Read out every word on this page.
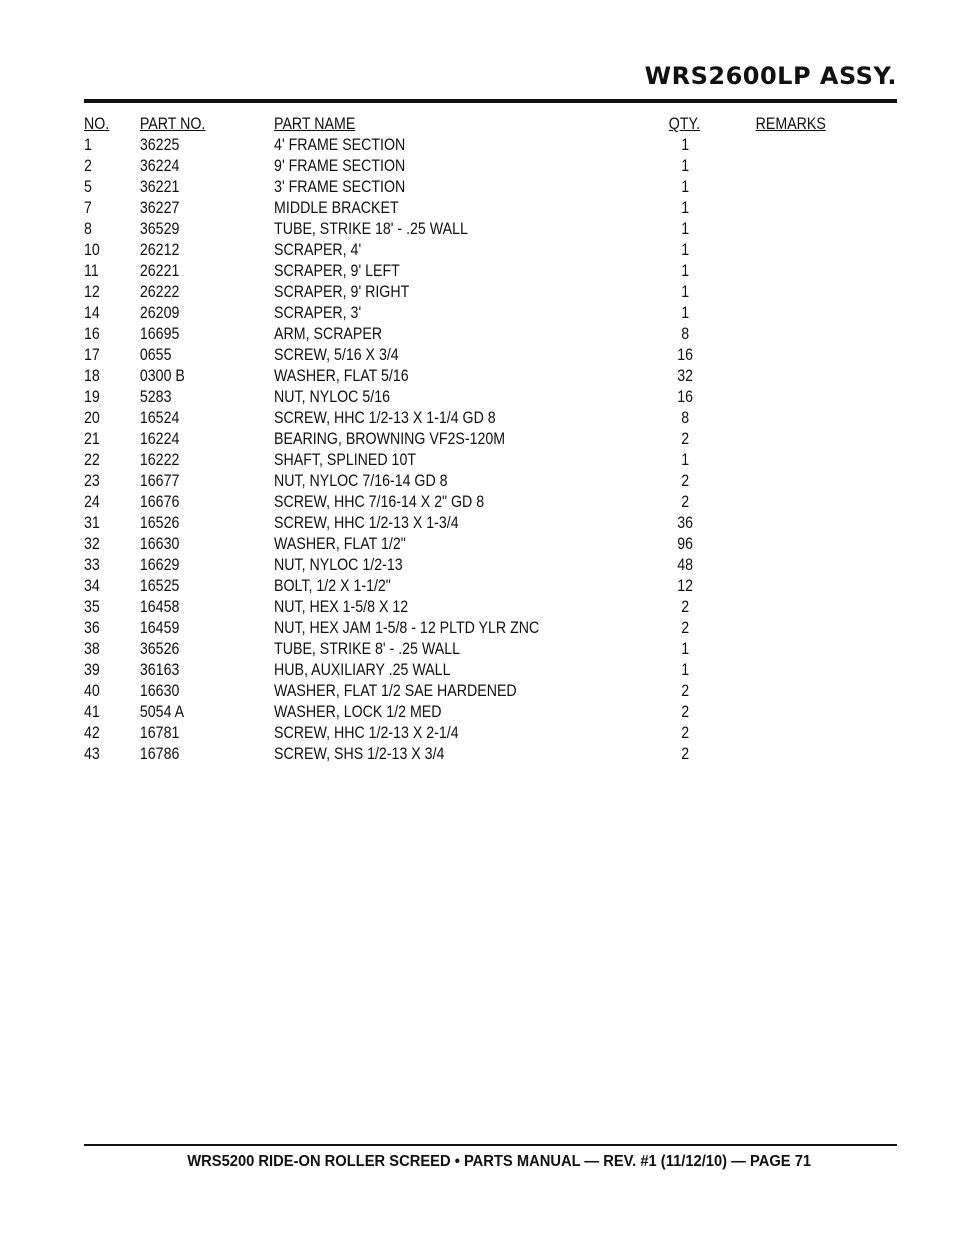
WRS2600LP ASSY.
NO. PART NO.	PART NAME	QTY.	REMARKS
1	36225	4' FRAME SECTION	1
2	36224	9' FRAME SECTION	1
5	36221	3' FRAME SECTION	1
7	36227	MIDDLE BRACKET	1
8	36529	TUBE, STRIKE 18' - .25 WALL	1
10 26212	SCRAPER, 4'	1
11 26221	SCRAPER, 9' LEFT	1
12 26222	SCRAPER, 9' RIGHT	1
14 26209	SCRAPER, 3'	1
16 16695	ARM, SCRAPER	8
17 0655	SCREW, 5/16 X 3/4	16
18 0300 B	WASHER, FLAT 5/16	32
19 5283	NUT, NYLOC 5/16	16
20 16524	SCREW, HHC 1/2-13 X 1-1/4 GD 8	8
21 16224	BEARING, BROWNING VF2S-120M	2
22 16222	SHAFT, SPLINED 10T	1
23 16677	NUT, NYLOC 7/16-14 GD 8	2
24 16676	SCREW, HHC 7/16-14 X 2" GD 8	2
31 16526	SCREW, HHC 1/2-13 X 1-3/4	36
32 16630	WASHER, FLAT 1/2"	96
33 16629	NUT, NYLOC 1/2-13	48
34 16525	BOLT, 1/2 X 1-1/2"	12
35 16458	NUT, HEX 1-5/8 X 12	2
36 16459	NUT, HEX JAM 1-5/8 - 12 PLTD YLR ZNC	2
38 36526	TUBE, STRIKE 8' - .25 WALL	1
39 36163	HUB, AUXILIARY .25 WALL	1
40 16630	WASHER, FLAT 1/2 SAE HARDENED	2
41 5054 A	WASHER, LOCK 1/2 MED	2
42 16781	SCREW, HHC 1/2-13 X 2-1/4	2
43 16786	SCREW, SHS 1/2-13 X 3/4	2
WRS5200 RIDE-ON ROLLER SCREED • PARTS MANUAL — REV. #1 (11/12/10) — PAGE 71
